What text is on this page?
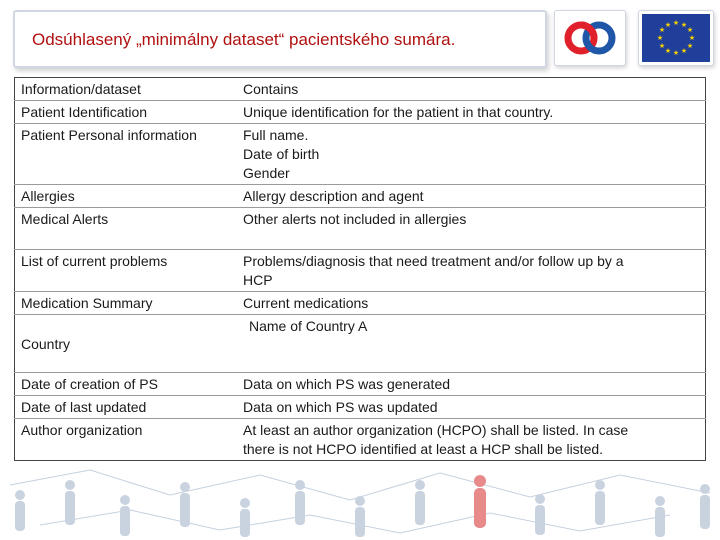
Odsúhlasený „minimálny dataset“ pacientského sumára.
★ ★
★
★
★
★
★
★
★
★
★
★
Information/dataset	Contains
Patient Identification	Unique identification for the patient in that country.
Patient Personal information	Full name.
Date of birth
Gender

Allergies	Allergy description and agent
Medical Alerts	Other alerts not included in allergies
List of current problems	Problems/diagnosis that need treatment and/or follow up by a
HCP

Medication Summary	Current medications
Country	Name of Country A

Date of creation of PS	Data on which PS was generated
Date of last updated	Data on which PS was updated
Author organization	At least an author organization (HCPO) shall be listed. In case
there is not HCPO identified at least a HCP shall be listed.
